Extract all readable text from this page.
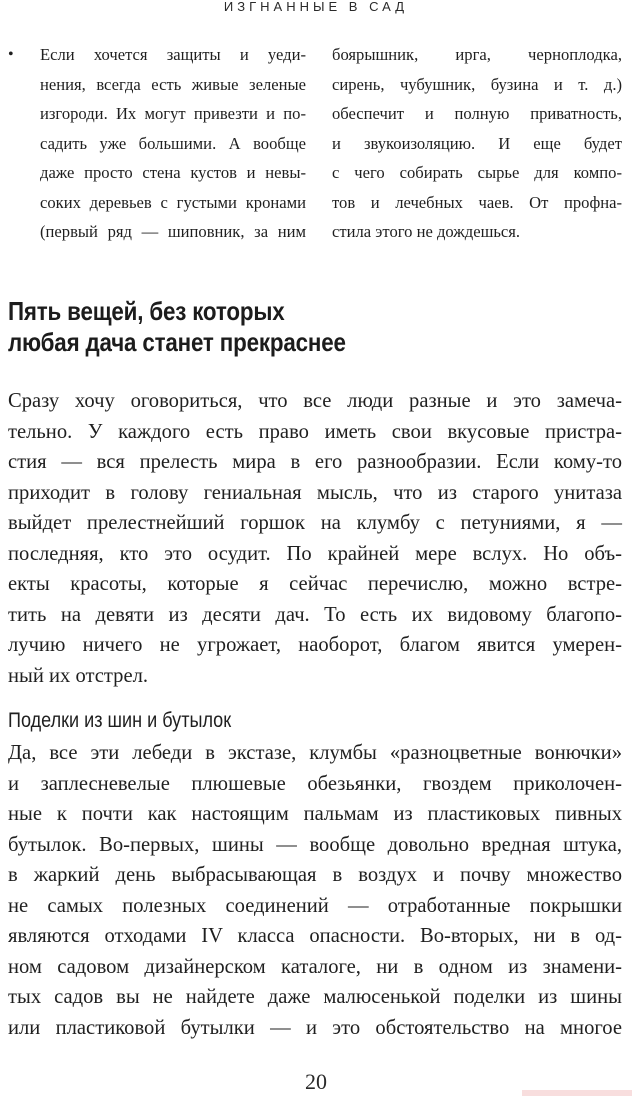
ИЗГНАННЫЕ В САД
• Если хочется защиты и уеди-
нения, всегда есть живые зеленые
изгороди. Их могут привезти и по-
садить уже большими. А вообще
даже просто стена кустов и невы-
соких деревьев с густыми кронами
(первый ряд — шиповник, за ним
боярышник, ирга, черноплодка,
сирень, чубушник, бузина и т. д.)
обеспечит и полную приватность,
и звукоизоляцию. И еще будет
с чего собирать сырье для компо-
тов и лечебных чаев. От профна-
стила этого не дождешься.
Пять вещей, без которых
любая дача станет прекраснее
Сразу хочу оговориться, что все люди разные и это замеча-
тельно. У каждого есть право иметь свои вкусовые пристра-
стия — вся прелесть мира в его разнообразии. Если кому-то
приходит в голову гениальная мысль, что из старого унитаза
выйдет прелестнейший горшок на клумбу с петуниями, я —
последняя, кто это осудит. По крайней мере вслух. Но объ-
екты красоты, которые я сейчас перечислю, можно встре-
тить на девяти из десяти дач. То есть их видовому благопо-
лучию ничего не угрожает, наоборот, благом явится умерен-
ный их отстрел.
Поделки из шин и бутылок
Да, все эти лебеди в экстазе, клумбы «разноцветные вонючки»
и заплесневелые плюшевые обезьянки, гвоздем приколочен-
ные к почти как настоящим пальмам из пластиковых пивных
бутылок. Во-первых, шины — вообще довольно вредная штука,
в жаркий день выбрасывающая в воздух и почву множество
не самых полезных соединений — отработанные покрышки
являются отходами IV класса опасности. Во-вторых, ни в од-
ном садовом дизайнерском каталоге, ни в одном из знамени-
тых садов вы не найдете даже малюсенькой поделки из шины
или пластиковой бутылки — и это обстоятельство на многое
20
